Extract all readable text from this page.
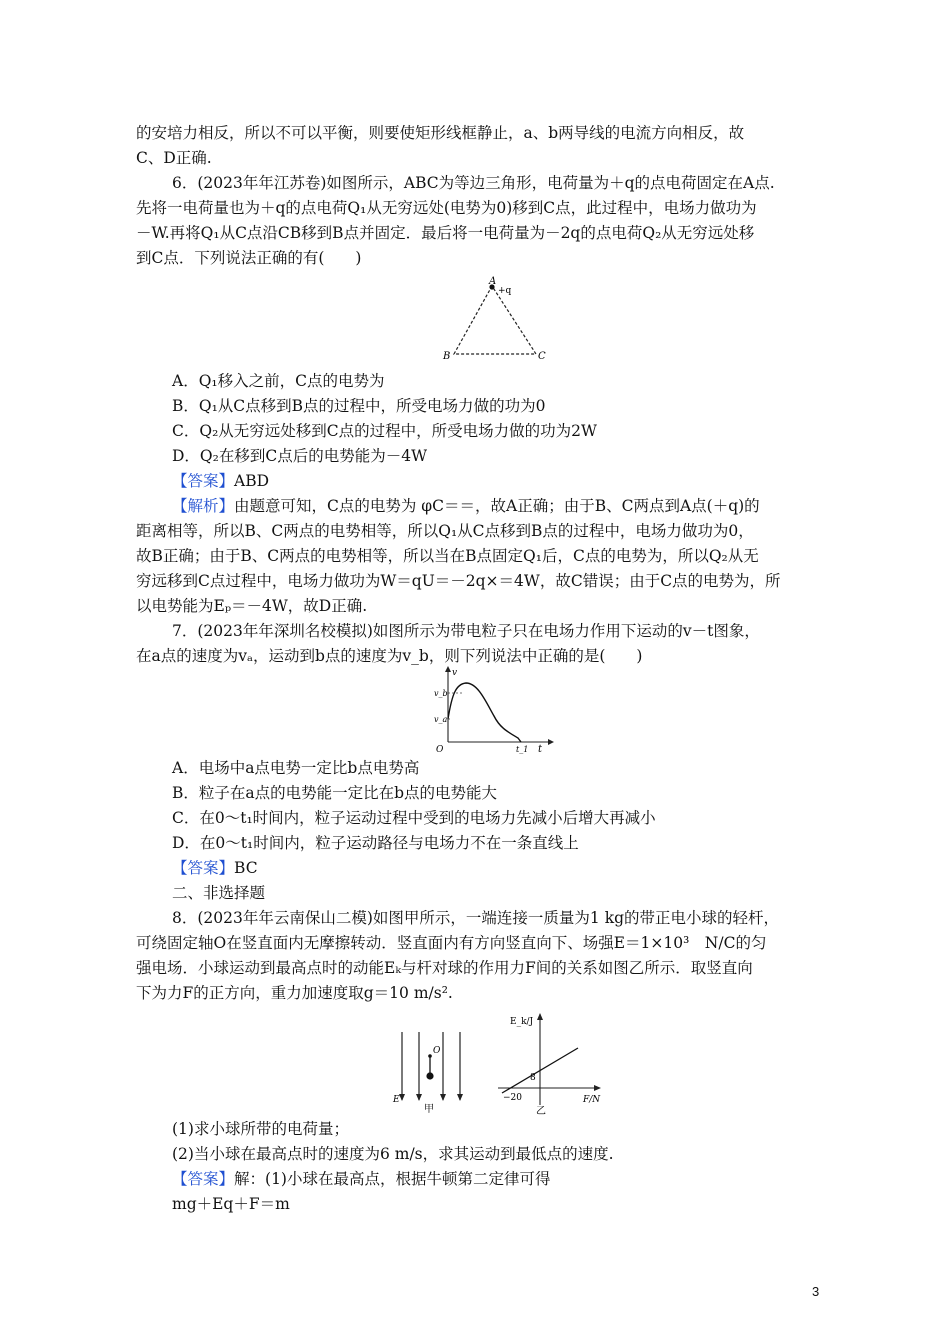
的安培力相反，所以不可以平衡，则要使矩形线框静止，a、b两导线的电流方向相反，故
C、D正确.
6．(2023年年江苏卷)如图所示，ABC为等边三角形，电荷量为＋q的点电荷固定在A点.
先将一电荷量也为＋q的点电荷Q₁从无穷远处(电势为0)移到C点，此过程中，电场力做功为
－W.再将Q₁从C点沿CB移到B点并固定．最后将一电荷量为－2q的点电荷Q₂从无穷远处移
到C点．下列说法正确的有(　　)
A．Q₁移入之前，C点的电势为
B．Q₁从C点移到B点的过程中，所受电场力做的功为0
C．Q₂从无穷远处移到C点的过程中，所受电场力做的功为2W
D．Q₂在移到C点后的电势能为－4W
【答案】ABD
【解析】由题意可知，C点的电势为 φC＝＝，故A正确；由于B、C两点到A点(＋q)的
距离相等，所以B、C两点的电势相等，所以Q₁从C点移到B点的过程中，电场力做功为0，
故B正确；由于B、C两点的电势相等，所以当在B点固定Q₁后，C点的电势为，所以Q₂从无
穷远移到C点过程中，电场力做功为W＝qU＝－2q×＝4W，故C错误；由于C点的电势为，所
以电势能为Eₚ＝－4W，故D正确.
7．(2023年年深圳名校模拟)如图所示为带电粒子只在电场力作用下运动的v－t图象，
在a点的速度为vₐ，运动到b点的速度为v_b，则下列说法中正确的是(　　)
A．电场中a点电势一定比b点电势高
B．粒子在a点的电势能一定比在b点的电势能大
C．在0～t₁时间内，粒子运动过程中受到的电场力先减小后增大再减小
D．在0～t₁时间内，粒子运动路径与电场力不在一条直线上
【答案】BC
二、非选择题
8．(2023年年云南保山二模)如图甲所示，一端连接一质量为1 kg的带正电小球的轻杆，
可绕固定轴O在竖直面内无摩擦转动．竖直面内有方向竖直向下、场强E＝1×10³　N/C的匀
强电场．小球运动到最高点时的动能Eₖ与杆对球的作用力F间的关系如图乙所示．取竖直向
下为力F的正方向，重力加速度取g＝10 m/s².
(1)求小球所带的电荷量；
(2)当小球在最高点时的速度为6 m/s，求其运动到最低点的速度.
【答案】解：(1)小球在最高点，根据牛顿第二定律可得
mg＋Eq＋F＝m
A
+q
B	C
v
t
O
v_b
v_a
t_1
O
E
甲
E_k/J
F/N
−20
8
乙
3
